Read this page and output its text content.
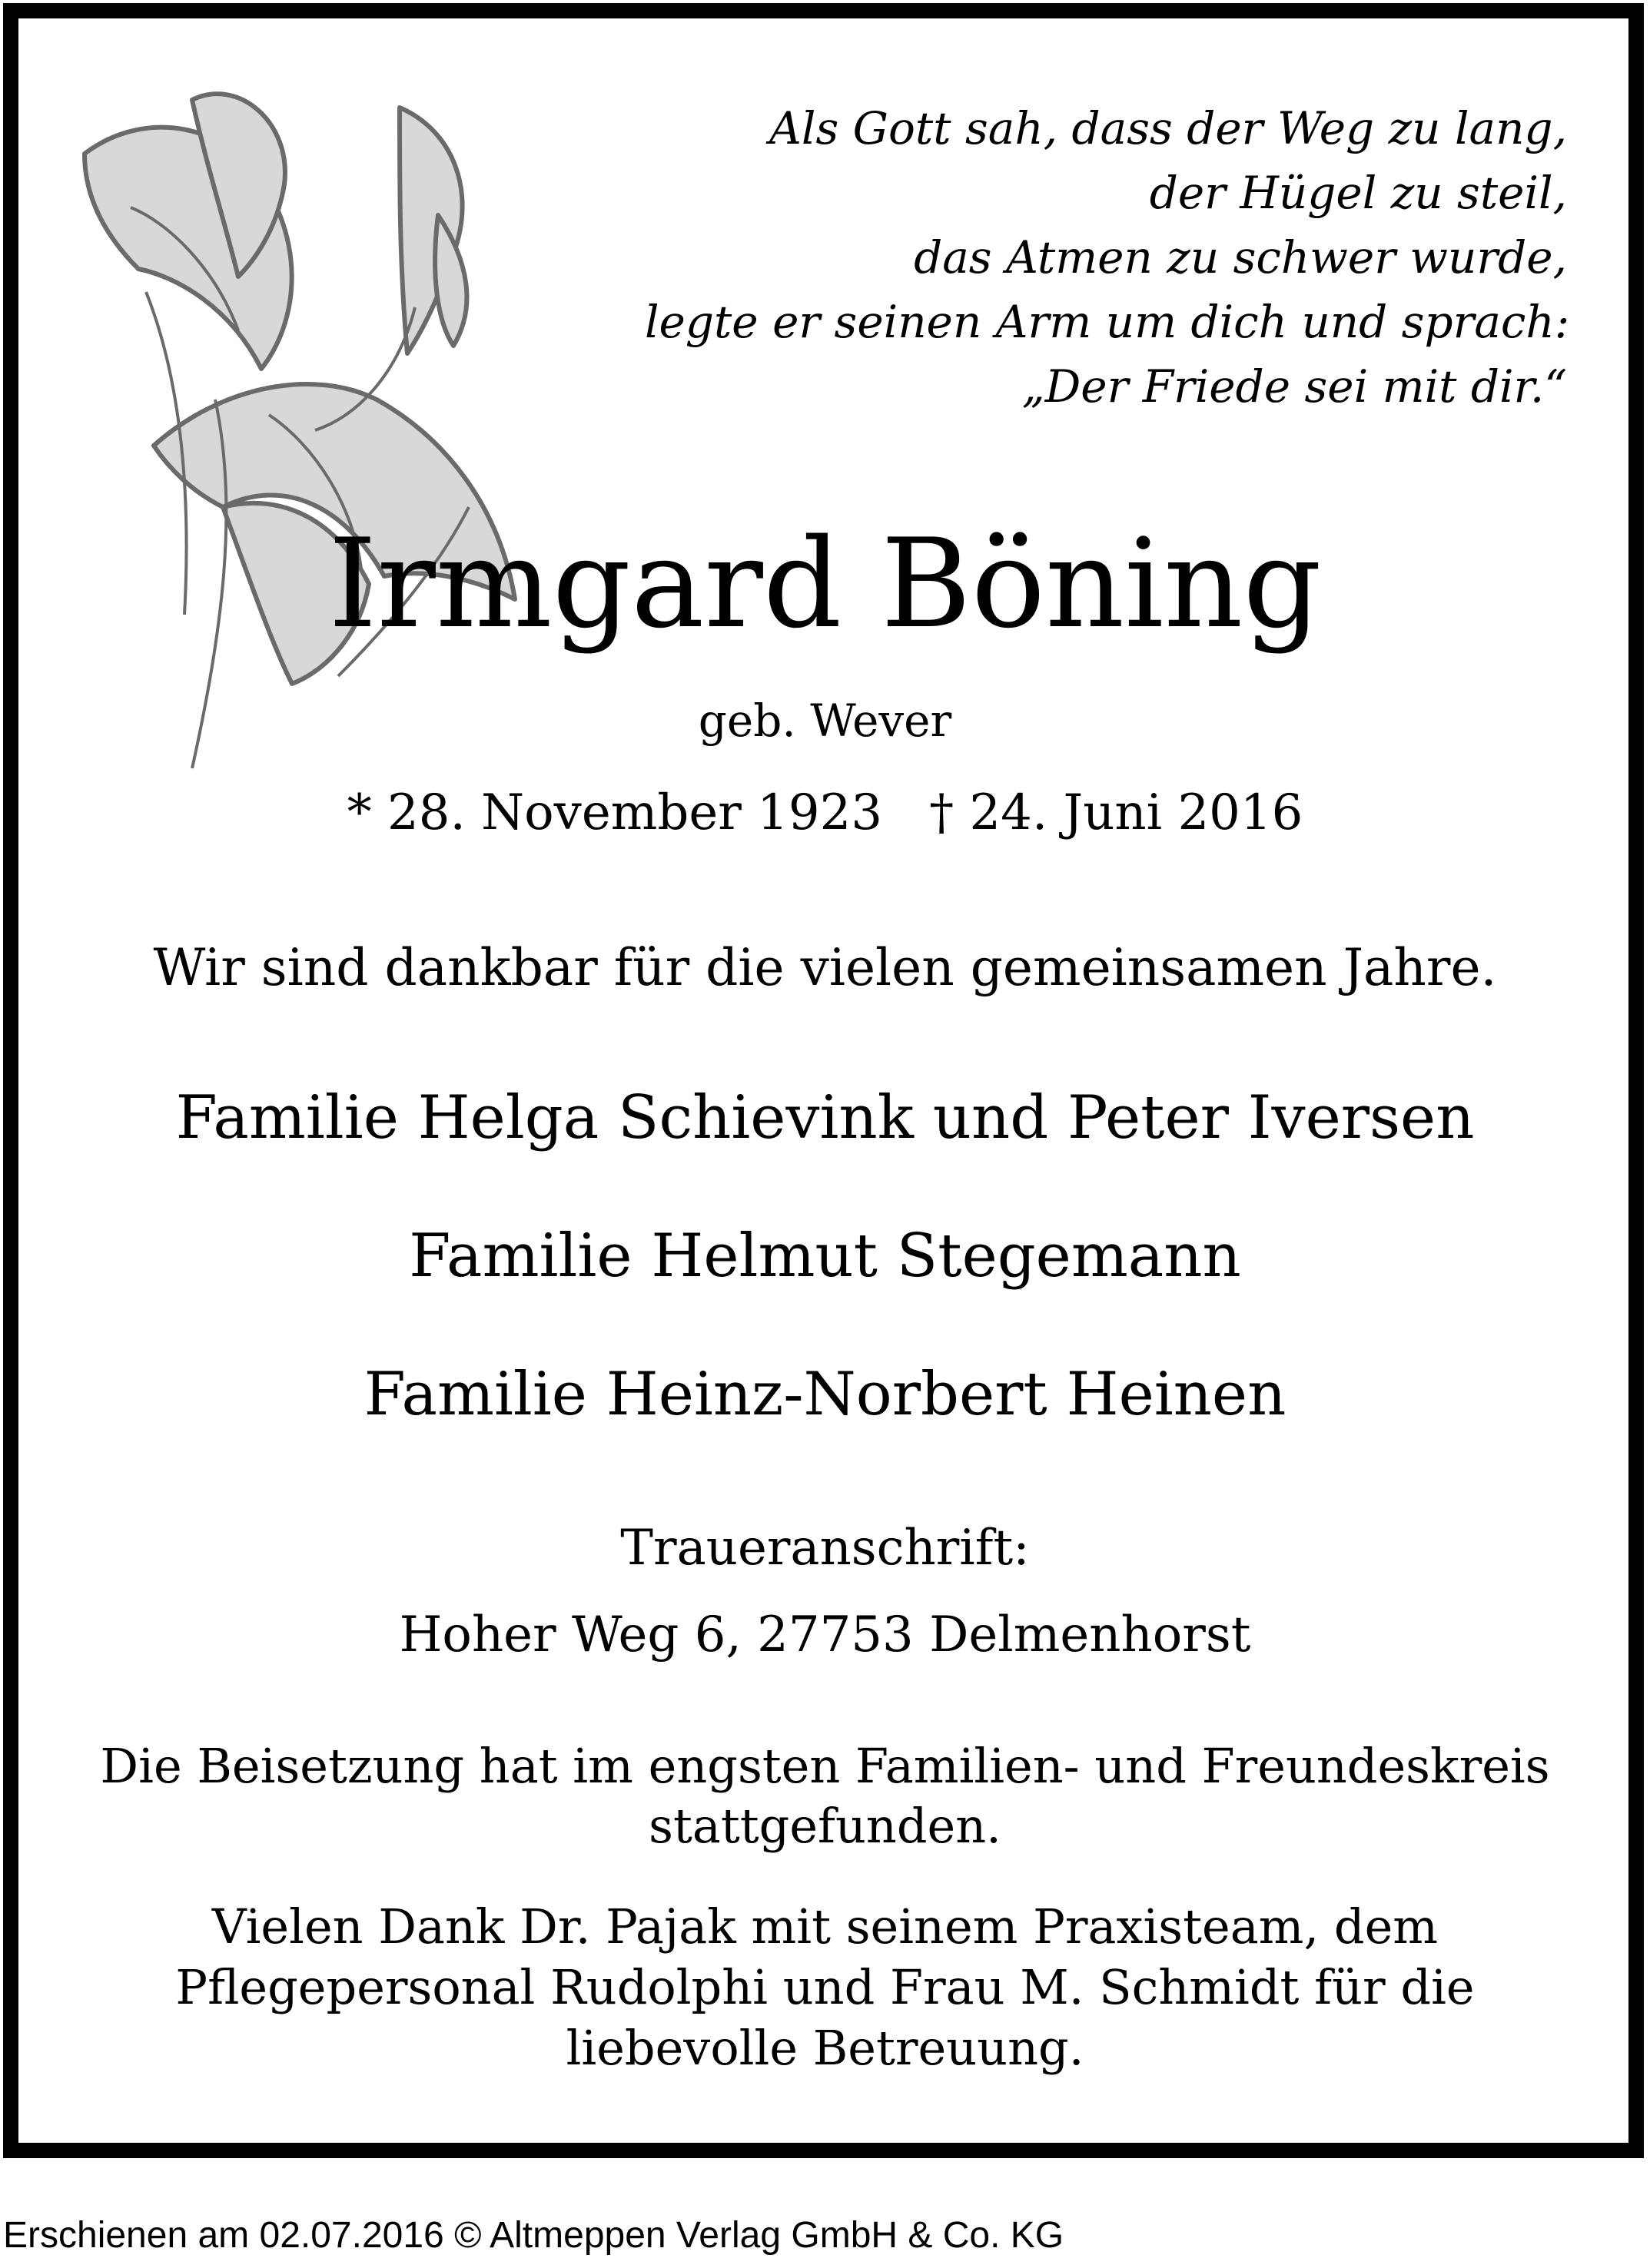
Als Gott sah, dass der Weg zu lang,
der Hügel zu steil,
das Atmen zu schwer wurde,
legte er seinen Arm um dich und sprach:
„Der Friede sei mit dir.“

Irmgard Böning

geb. Wever

* 28. November 1923   † 24. Juni 2016

Wir sind dankbar für die vielen gemeinsamen Jahre.

Familie Helga Schievink und Peter Iversen

Familie Helmut Stegemann

Familie Heinz-Norbert Heinen

Traueranschrift:

Hoher Weg 6, 27753 Delmenhorst

Die Beisetzung hat im engsten Familien- und Freundeskreis
stattgefunden.

Vielen Dank Dr. Pajak mit seinem Praxisteam, dem
Pflegepersonal Rudolphi und Frau M. Schmidt für die
liebevolle Betreuung.

Erschienen am 02.07.2016 © Altmeppen Verlag GmbH & Co. KG
